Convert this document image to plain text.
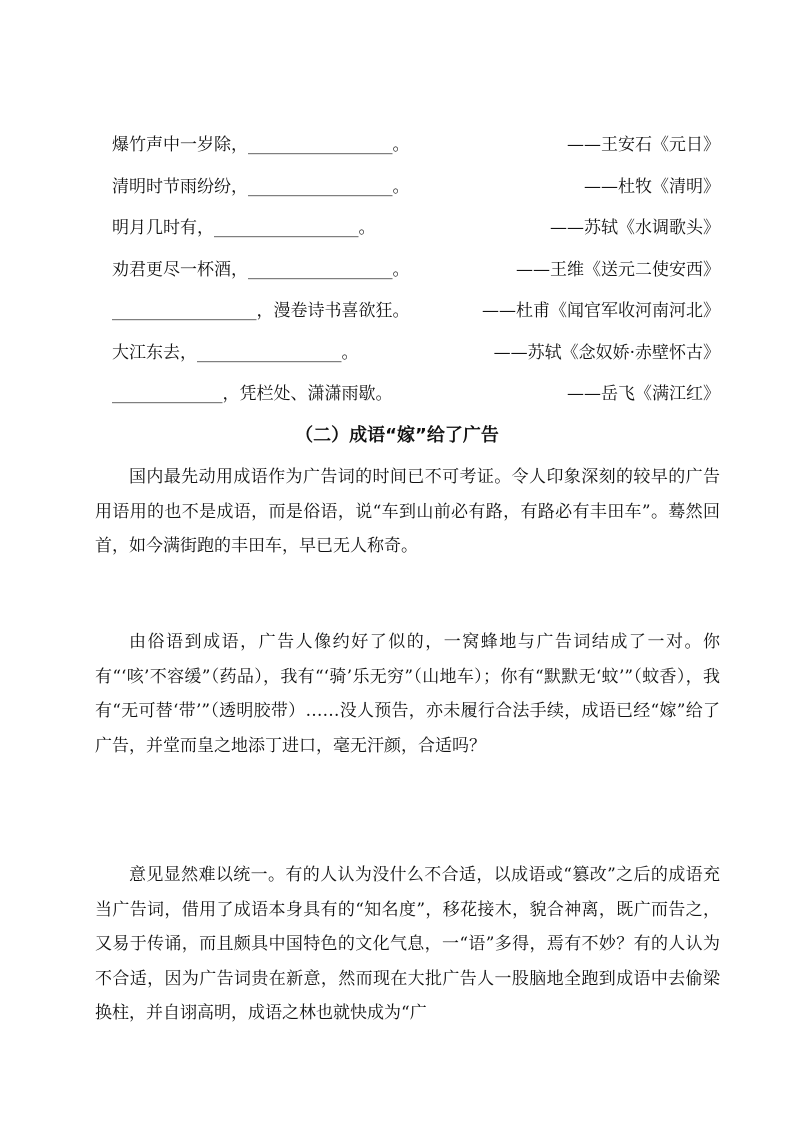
爆竹声中一岁除，_________________。	——王安石《元日》
清明时节雨纷纷，_________________。	——杜牧《清明》
明月几时有，_________________。	——苏轼《水调歌头》
劝君更尽一杯酒，_________________。	——王维《送元二使安西》
_________________，漫卷诗书喜欲狂。	——杜甫《闻官军收河南河北》
大江东去，_________________。	——苏轼《念奴娇·赤壁怀古》
_____________，凭栏处、潇潇雨歇。	——岳飞《满江红》
（二）成语“嫁”给了广告

国内最先动用成语作为广告词的时间已不可考证。令人印象深刻的较早的广告用语用的也不是成语，而是俗语，说“车到山前必有路，有路必有丰田车”。蓦然回首，如今满街跑的丰田车，早已无人称奇。

由俗语到成语，广告人像约好了似的，一窝蜂地与广告词结成了一对。你有“‘咳’不容缓”（药品），我有“‘骑’乐无穷”（山地车）；你有“默默无‘蚊’”（蚊香），我有“无可替‘带’”（透明胶带）……没人预告，亦未履行合法手续，成语已经“嫁”给了广告，并堂而皇之地添丁进口，毫无汗颜，合适吗？

意见显然难以统一。有的人认为没什么不合适，以成语或“篡改”之后的成语充当广告词，借用了成语本身具有的“知名度”，移花接木，貌合神离，既广而告之，又易于传诵，而且颇具中国特色的文化气息，一“语”多得，焉有不妙？有的人认为不合适，因为广告词贵在新意，然而现在大批广告人一股脑地全跑到成语中去偷梁换柱，并自诩高明，成语之林也就快成为“广
